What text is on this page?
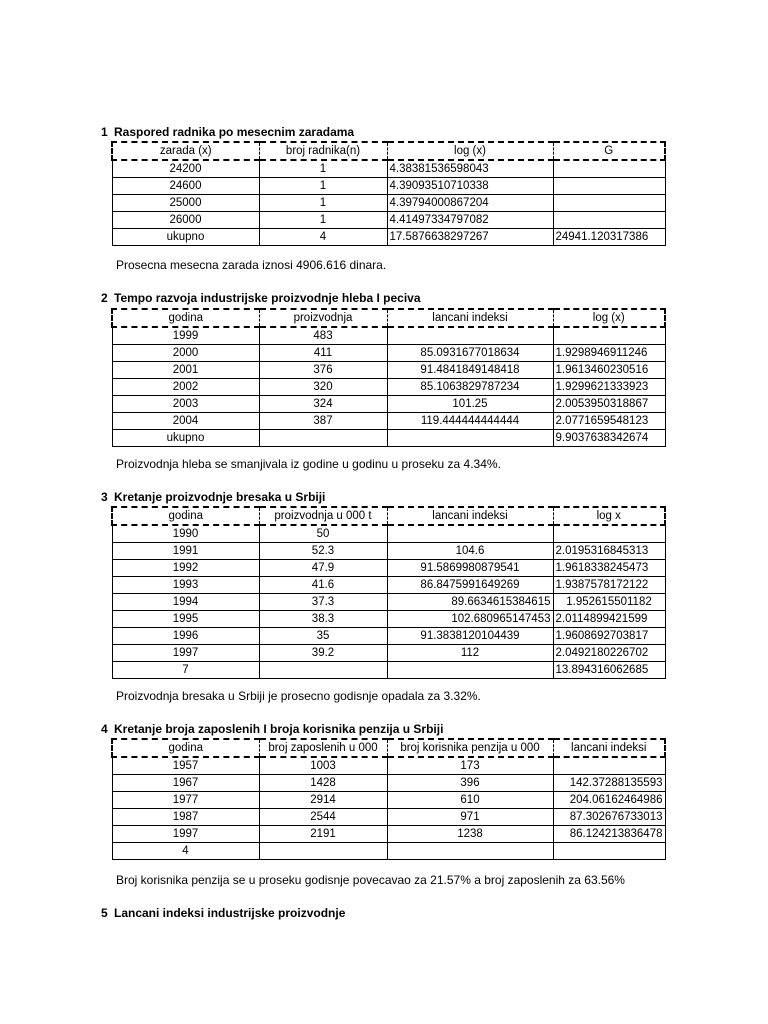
1 Raspored radnika po mesecnim zaradama
zarada (x)	broj radnika(n)	log (x)	G
24200	1	4.38381536598043	
24600	1	4.39093510710338	
25000	1	4.39794000867204	
26000	1	4.41497334797082	
ukupno	4	17.5876638297267	24941.120317386
Prosecna mesecna zarada iznosi 4906.616 dinara.
2 Tempo razvoja industrijske proizvodnje hleba I peciva
godina	proizvodnja	lancani indeksi	log (x)
1999	483		
2000	411	85.0931677018634	1.9298946911246
2001	376	91.4841849148418	1.9613460230516
2002	320	85.1063829787234	1.9299621333923
2003	324	101.25	2.0053950318867
2004	387	119.444444444444	2.0771659548123
ukupno			9.9037638342674
Proizvodnja hleba se smanjivala iz godine u godinu u proseku za 4.34%.
3 Kretanje proizvodnje bresaka u Srbiji
godina	proizvodnja u 000 t	lancani indeksi	log x
1990	50		
1991	52.3	104.6	2.0195316845313
1992	47.9	91.5869980879541	1.9618338245473
1993	41.6	86.8475991649269	1.9387578172122
1994	37.3	89.6634615384615	1.952615501182
1995	38.3	102.680965147453	2.0114899421599
1996	35	91.3838120104439	1.9608692703817
1997	39.2	112	2.0492180226702
7			13.894316062685
Proizvodnja bresaka u Srbiji je prosecno godisnje opadala za 3.32%.
4 Kretanje broja zaposlenih I broja korisnika penzija u Srbiji
godina	broj zaposlenih u 000	broj korisnika penzija u 000	lancani indeksi
1957	1003	173	
1967	1428	396	142.37288135593
1977	2914	610	204.06162464986
1987	2544	971	87.302676733013
1997	2191	1238	86.124213836478
4			
Broj korisnika penzija se u proseku godisnje povecavao za 21.57% a broj zaposlenih za 63.56%
5 Lancani indeksi industrijske proizvodnje
